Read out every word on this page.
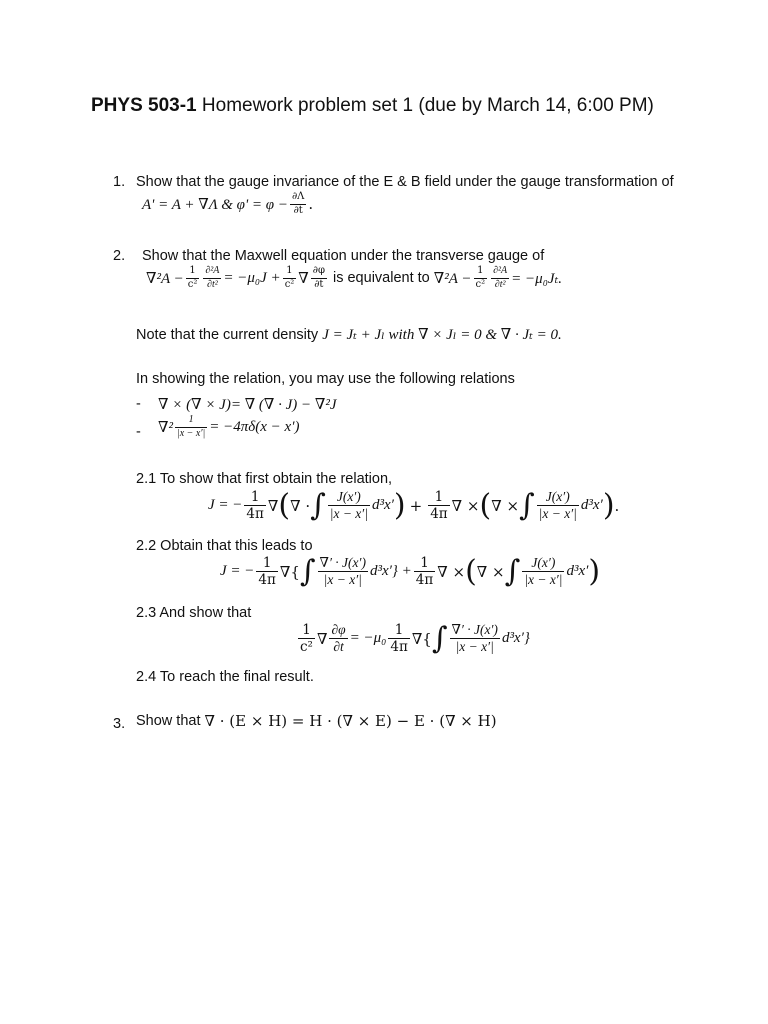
PHYS 503-1 Homework problem set 1 (due by March 14, 6:00 PM)
1. Show that the gauge invariance of the E & B field under the gauge transformation of
A' = A + ∇Λ & $\varphi' = \varphi - \frac{\partial\Lambda}{\partial t}$ .
2. Show that the Maxwell equation under the transverse gauge of
$\nabla^2A - \frac{1}{\text{c²}} \frac{\text{∂²A}}{\text{∂t²}} = -\mu_0J + \frac{1}{\text{c²}}$ ∇ $\frac{\partial\varphi}{\partial t}$ is equivalent to $\nabla^2A - \frac{1}{\text{c²}} \frac{\text{∂²A}}{\text{∂t²}} = -\mu_0J_t$.
Note that the current density J = Jₜ + Jₗ with ∇ × Jₗ = 0 & ∇ · Jₜ = 0.
In showing the relation, you may use the following relations
- ∇ × (∇ × J)= ∇ (∇ · J) − ∇²J
- $\nabla^2 \frac{1}{|x - x'|} = -4\pi\delta(x - x')$
2.1 To show that first obtain the relation,
J = − $\frac{1}{4\pi}$ ∇ ( ∇ · ∫ $\frac{J(x')}{|x - x'|} d^3x'$ ) + $\frac{1}{4\pi}$ ∇ × ( ∇ × ∫ $\frac{J(x')}{|x - x'|} d^3x'$ ) .
2.2 Obtain that this leads to
J = − $\frac{1}{4\pi}$ ∇{ ∫ $\frac{\nabla' \cdot J(x')}{|x - x'|} d^3x'\} + \frac{1}{4\pi}$ ∇ × ( ∇ × ∫ $\frac{J(x')}{|x - x'|} d^3x'$ )
2.3 And show that
$\frac{1}{\text{c²}}$ ∇ $\frac{\partial\varphi}{\partial t} = -\mu_0 \frac{1}{4\pi}$ ∇{ ∫ $\frac{\nabla' \cdot J(x')}{|x - x'|} d^3x'$}
2.4 To reach the final result.
3. Show that ∇ · (E × H) = H · (∇ × E) − E · (∇ × H)
